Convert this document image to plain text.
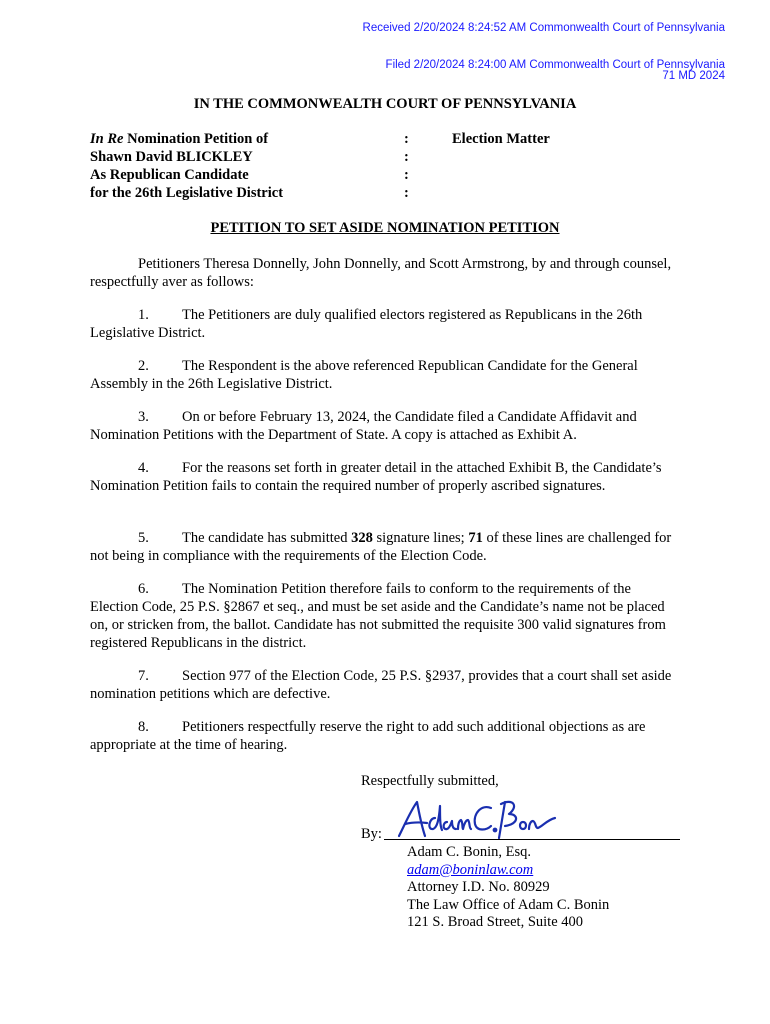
Received 2/20/2024 8:24:52 AM Commonwealth Court of Pennsylvania
Filed 2/20/2024 8:24:00 AM Commonwealth Court of Pennsylvania
71 MD 2024
IN THE COMMONWEALTH COURT OF PENNSYLVANIA
In Re Nomination Petition of
Shawn David BLICKLEY
As Republican Candidate
for the 26th Legislative District
:
:
:
:
Election Matter
PETITION TO SET ASIDE NOMINATION PETITION
Petitioners Theresa Donnelly, John Donnelly, and Scott Armstrong, by and through counsel, respectfully aver as follows:
1. The Petitioners are duly qualified electors registered as Republicans in the 26th Legislative District.
2. The Respondent is the above referenced Republican Candidate for the General Assembly in the 26th Legislative District.
3. On or before February 13, 2024, the Candidate filed a Candidate Affidavit and Nomination Petitions with the Department of State. A copy is attached as Exhibit A.
4. For the reasons set forth in greater detail in the attached Exhibit B, the Candidate’s Nomination Petition fails to contain the required number of properly ascribed signatures.
5. The candidate has submitted 328 signature lines; 71 of these lines are challenged for not being in compliance with the requirements of the Election Code.
6. The Nomination Petition therefore fails to conform to the requirements of the Election Code, 25 P.S. §2867 et seq., and must be set aside and the Candidate’s name not be placed on, or stricken from, the ballot. Candidate has not submitted the requisite 300 valid signatures from registered Republicans in the district.
7. Section 977 of the Election Code, 25 P.S. §2937, provides that a court shall set aside nomination petitions which are defective.
8. Petitioners respectfully reserve the right to add such additional objections as are appropriate at the time of hearing.
Respectfully submitted,
By:
Adam C. Bonin, Esq.
adam@boninlaw.com
Attorney I.D. No. 80929
The Law Office of Adam C. Bonin
121 S. Broad Street, Suite 400
